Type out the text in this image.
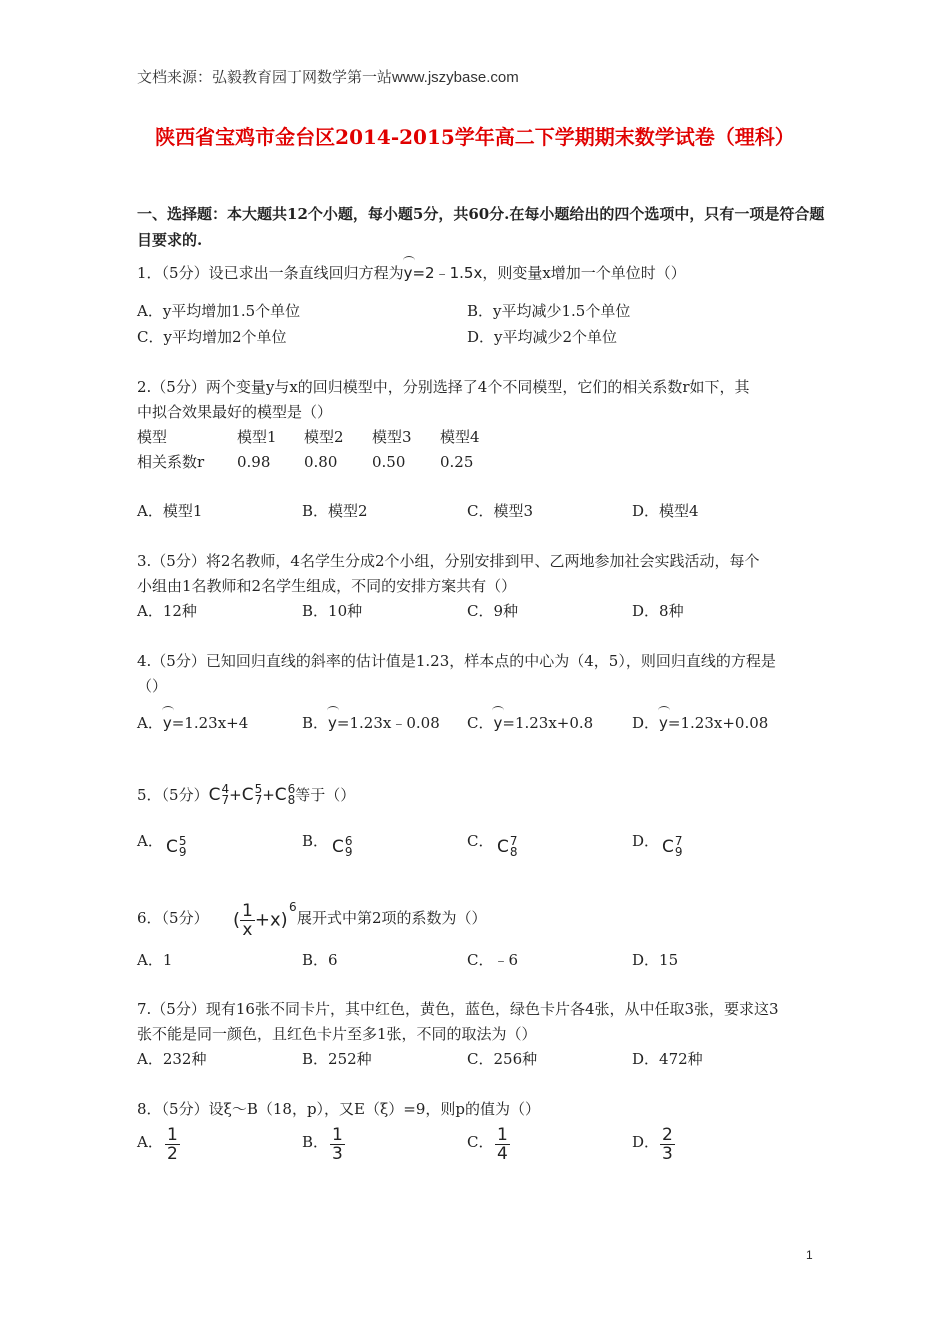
文档来源：弘毅教育园丁网数学第一站www.jszybase.com
陕西省宝鸡市金台区2014-2015学年高二下学期期末数学试卷（理科）
一、选择题：本大题共12个小题，每小题5分，共60分.在每小题给出的四个选项中，只有一项是符合题目要求的.
1．（5分）设已求出一条直线回归方程为y=2﹣1.5x，则变量x增加一个单位时（）
A．y平均增加1.5个单位	B．y平均减少1.5个单位
C．y平均增加2个单位	D．y平均减少2个单位
2.（5分）两个变量y与x的回归模型中，分别选择了4个不同模型，它们的相关系数r如下，其
中拟合效果最好的模型是（）
模型	模型1 模型2 模型3 模型4
相关系数r 0.98 0.80 0.50 0.25
A．模型1	B．模型2	C．模型3	D．模型4
3.（5分）将2名教师，4名学生分成2个小组，分别安排到甲、乙两地参加社会实践活动，每个
小组由1名教师和2名学生组成，不同的安排方案共有（）
A．12种	B．10种	C．9种	D．8种
4.（5分）已知回归直线的斜率的估计值是1.23，样本点的中心为（4，5），则回归直线的方程是
（）
A．y=1.23x+4	B．y=1.23x﹣0.08 C．y=1.23x+0.8	D．y=1.23x+0.08
5．（5分）C 4
7 +C 5
7 +C 6
8 等于（）
A． C 5
9
B． C 6
9
C． C 7
8
D． C 7
9
6．（5分） ( $\frac{1}{x} +x$)
6
展开式中第2项的系数为（）
A．1	B．6	C．﹣6	D．15
7.（5分）现有16张不同卡片，其中红色，黄色，蓝色，绿色卡片各4张，从中任取3张，要求这3
张不能是同一颜色，且红色卡片至多1张，不同的取法为（）
A．232种	B．252种	C．256种	D．472种
8．（5分）设ξ～B（18，p），又E（ξ）=9，则p的值为（）
A． $\frac{1}{2}$	B． $\frac{1}{3}$	C． $\frac{1}{4}$	D． $\frac{2}{3}$
1
